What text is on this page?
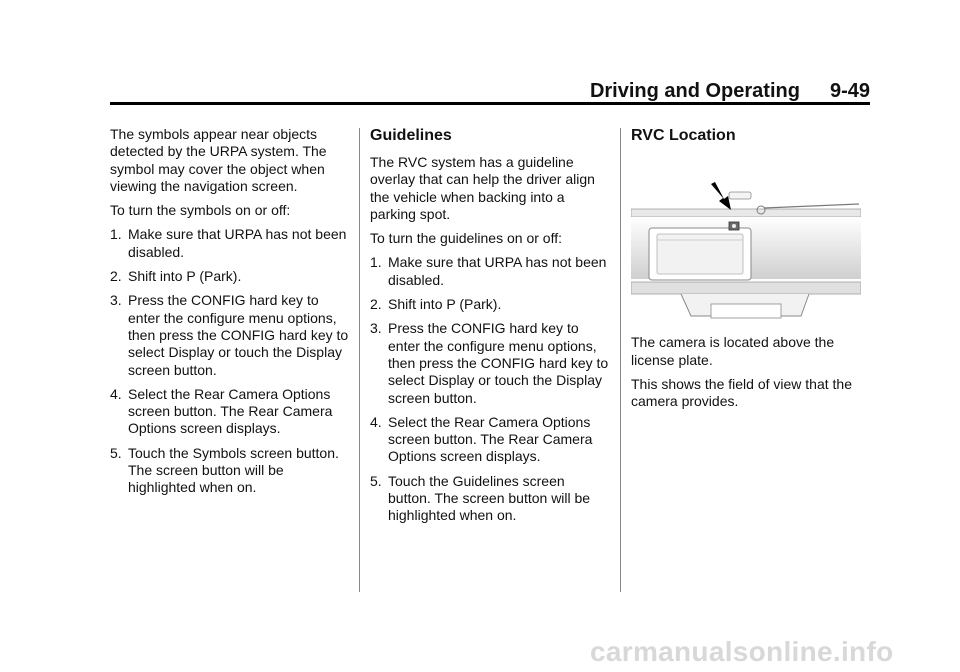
Driving and Operating 9-49

The symbols appear near objects detected by the URPA system. The symbol may cover the object when viewing the navigation screen.

To turn the symbols on or off:

1. Make sure that URPA has not been disabled.
2. Shift into P (Park).
3. Press the CONFIG hard key to enter the configure menu options, then press the CONFIG hard key to select Display or touch the Display screen button.
4. Select the Rear Camera Options screen button. The Rear Camera Options screen displays.
5. Touch the Symbols screen button. The screen button will be highlighted when on.
Guidelines

The RVC system has a guideline overlay that can help the driver align the vehicle when backing into a parking spot.

To turn the guidelines on or off:

1. Make sure that URPA has not been disabled.
2. Shift into P (Park).
3. Press the CONFIG hard key to enter the configure menu options, then press the CONFIG hard key to select Display or touch the Display screen button.
4. Select the Rear Camera Options screen button. The Rear Camera Options screen displays.
5. Touch the Guidelines screen button. The screen button will be highlighted when on.
RVC Location

The camera is located above the license plate.

This shows the field of view that the camera provides.

carmanualsonline.info
